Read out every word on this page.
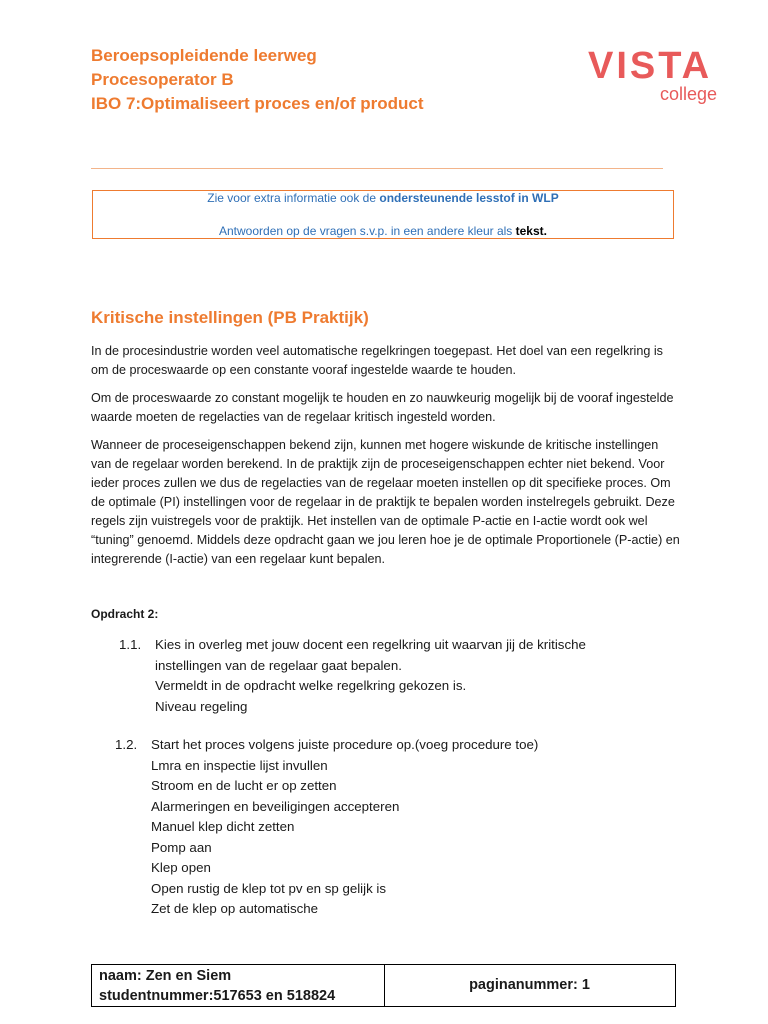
Beroepsopleidende leerweg
Procesoperator B
IBO 7:Optimaliseert proces en/of product
VISTA
college
Zie voor extra informatie ook de ondersteunende lesstof in WLP
Antwoorden op de vragen s.v.p. in een andere kleur als tekst.
Kritische instellingen (PB Praktijk)

In de procesindustrie worden veel automatische regelkringen toegepast. Het doel van een regelkring is om de proceswaarde op een constante vooraf ingestelde waarde te houden.

Om de proceswaarde zo constant mogelijk te houden en zo nauwkeurig mogelijk bij de vooraf ingestelde waarde moeten de regelacties van de regelaar kritisch ingesteld worden.

Wanneer de proceseigenschappen bekend zijn, kunnen met hogere wiskunde de kritische instellingen van de regelaar worden berekend. In de praktijk zijn de proceseigenschappen echter niet bekend. Voor ieder proces zullen we dus de regelacties van de regelaar moeten instellen op dit specifieke proces. Om de optimale (PI) instellingen voor de regelaar in de praktijk te bepalen worden instelregels gebruikt. Deze regels zijn vuistregels voor de praktijk. Het instellen van de optimale P-actie en I-actie wordt ook wel “tuning” genoemd. Middels deze opdracht gaan we jou leren hoe je de optimale Proportionele (P-actie) en integrerende (I-actie) van een regelaar kunt bepalen.

Opdracht 2:
1.1. Kies in overleg met jouw docent een regelkring uit waarvan jij de kritische
instellingen van de regelaar gaat bepalen.
Vermeldt in de opdracht welke regelkring gekozen is.
Niveau regeling
1.2. Start het proces volgens juiste procedure op.(voeg procedure toe)
Lmra en inspectie lijst invullen
Stroom en de lucht er op zetten
Alarmeringen en beveiligingen accepteren
Manuel klep dicht zetten
Pomp aan
Klep open
Open rustig de klep tot pv en sp gelijk is
Zet de klep op automatische
naam: Zen en Siem
studentnummer:517653 en 518824
paginanummer: 1
